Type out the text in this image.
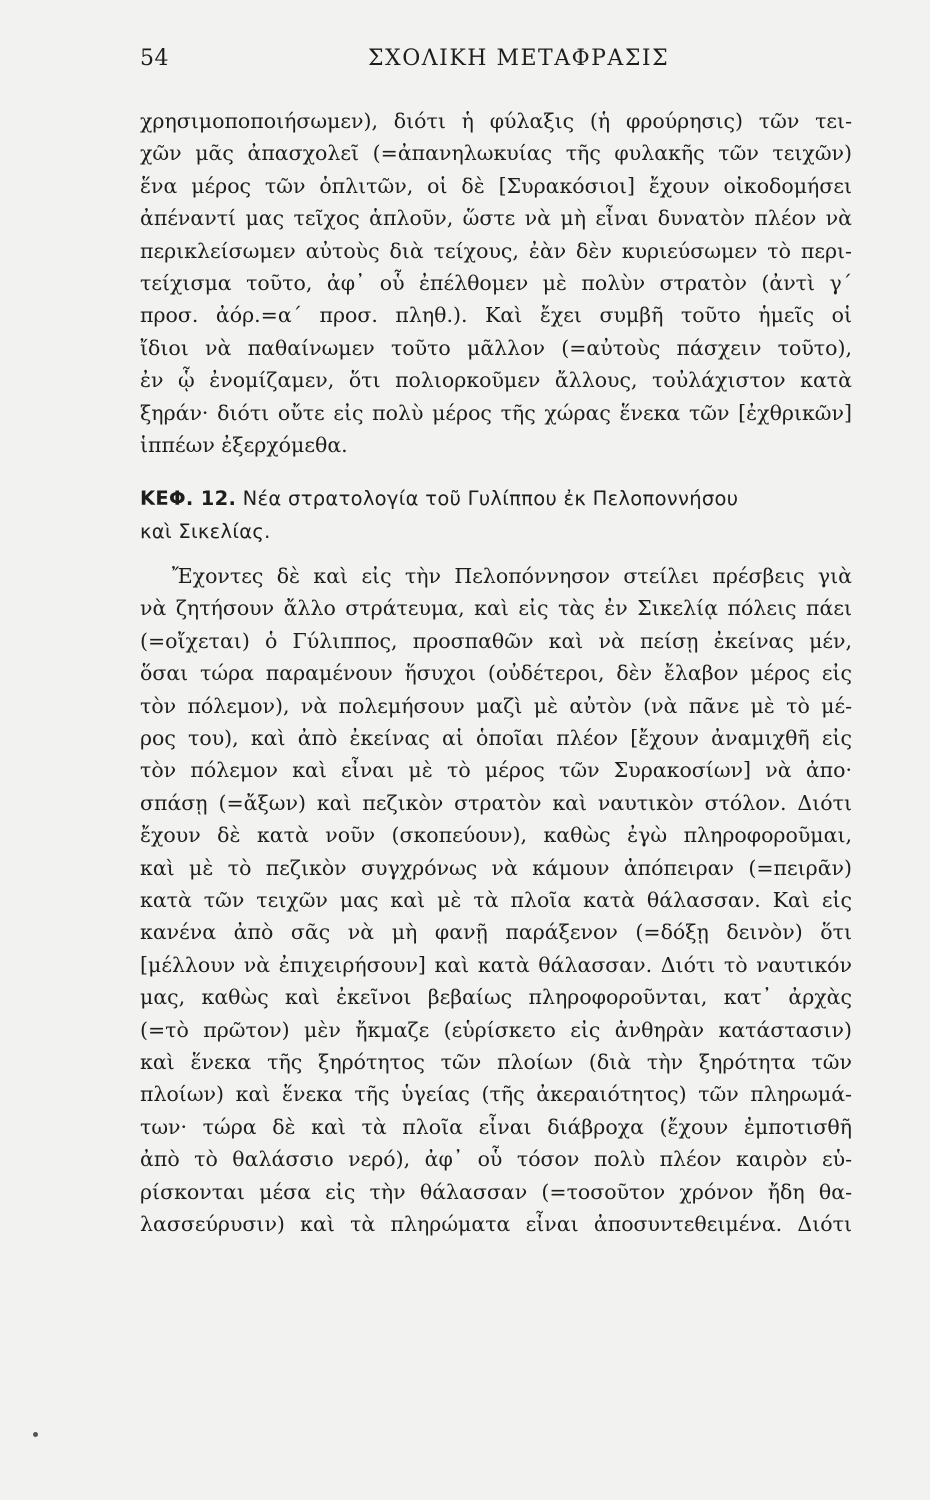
54	ΣΧΟΛΙΚΗ ΜΕΤΑΦΡΑΣΙΣ
χρησιμοποποιήσωμεν), διότι ἡ φύλαξις (ἡ φρούρησις) τῶν τει-
χῶν μᾶς ἀπασχολεῖ (=ἀπανηλωκυίας τῆς φυλακῆς τῶν τειχῶν)
ἕνα μέρος τῶν ὁπλιτῶν, οἱ δὲ [Συρακόσιοι] ἔχουν οἰκοδομήσει
ἀπέναντί μας τεῖχος ἁπλοῦν, ὥστε νὰ μὴ εἶναι δυνατὸν πλέον νὰ
περικλείσωμεν αὐτοὺς διὰ τείχους, ἐὰν δὲν κυριεύσωμεν τὸ περι-
τείχισμα τοῦτο, ἀφ᾽ οὗ ἐπέλθομεν μὲ πολὺν στρατὸν (ἀντὶ γ΄
προσ. ἀόρ.=α΄ προσ. πληθ.). Καὶ ἔχει συμβῆ τοῦτο ἡμεῖς οἱ
ἴδιοι νὰ παθαίνωμεν τοῦτο μᾶλλον (=αὐτοὺς πάσχειν τοῦτο),
ἐν ᾧ ἐνομίζαμεν, ὅτι πολιορκοῦμεν ἄλλους, τοὐλάχιστον κατὰ
ξηράν· διότι οὔτε εἰς πολὺ μέρος τῆς χώρας ἕνεκα τῶν [ἐχθρικῶν]
ἱππέων ἐξερχόμεθα.
ΚΕΦ. 12. Νέα στρατολογία τοῦ Γυλίππου ἐκ Πελοποννήσου
καὶ Σικελίας.
Ἔχοντες δὲ καὶ εἰς τὴν Πελοπόννησον στείλει πρέσβεις γιὰ
νὰ ζητήσουν ἄλλο στράτευμα, καὶ εἰς τὰς ἐν Σικελίᾳ πόλεις πάει
(=οἴχεται) ὁ Γύλιππος, προσπαθῶν καὶ νὰ πείσῃ ἐκείνας μέν,
ὅσαι τώρα παραμένουν ἥσυχοι (οὐδέτεροι, δὲν ἔλαβον μέρος εἰς
τὸν πόλεμον), νὰ πολεμήσουν μαζὶ μὲ αὐτὸν (νὰ πᾶνε μὲ τὸ μέ-
ρος του), καὶ ἀπὸ ἐκείνας αἱ ὁποῖαι πλέον [ἔχουν ἀναμιχθῆ εἰς
τὸν πόλεμον καὶ εἶναι μὲ τὸ μέρος τῶν Συρακοσίων] νὰ ἀπο·
σπάσῃ (=ἄξων) καὶ πεζικὸν στρατὸν καὶ ναυτικὸν στόλον. Διότι
ἔχουν δὲ κατὰ νοῦν (σκοπεύουν), καθὼς ἐγὼ πληροφοροῦμαι,
καὶ μὲ τὸ πεζικὸν συγχρόνως νὰ κάμουν ἀπόπειραν (=πειρᾶν)
κατὰ τῶν τειχῶν μας καὶ μὲ τὰ πλοῖα κατὰ θάλασσαν. Καὶ εἰς
κανένα ἀπὸ σᾶς νὰ μὴ φανῇ παράξενον (=δόξῃ δεινὸν) ὅτι
[μέλλουν νὰ ἐπιχειρήσουν] καὶ κατὰ θάλασσαν. Διότι τὸ ναυτικόν
μας, καθὼς καὶ ἐκεῖνοι βεβαίως πληροφοροῦνται, κατ᾽ ἀρχὰς
(=τὸ πρῶτον) μὲν ἤκμαζε (εὑρίσκετο εἰς ἀνθηρὰν κατάστασιν)
καὶ ἕνεκα τῆς ξηρότητος τῶν πλοίων (διὰ τὴν ξηρότητα τῶν
πλοίων) καὶ ἕνεκα τῆς ὑγείας (τῆς ἀκεραιότητος) τῶν πληρωμά-
των· τώρα δὲ καὶ τὰ πλοῖα εἶναι διάβροχα (ἔχουν ἐμποτισθῆ
ἀπὸ τὸ θαλάσσιο νερό), ἀφ᾽ οὗ τόσον πολὺ πλέον καιρὸν εὑ-
ρίσκονται μέσα εἰς τὴν θάλασσαν (=τοσοῦτον χρόνον ἤδη θα-
λασσεύρυσιν) καὶ τὰ πληρώματα εἶναι ἀποσυντεθειμένα. Διότι
